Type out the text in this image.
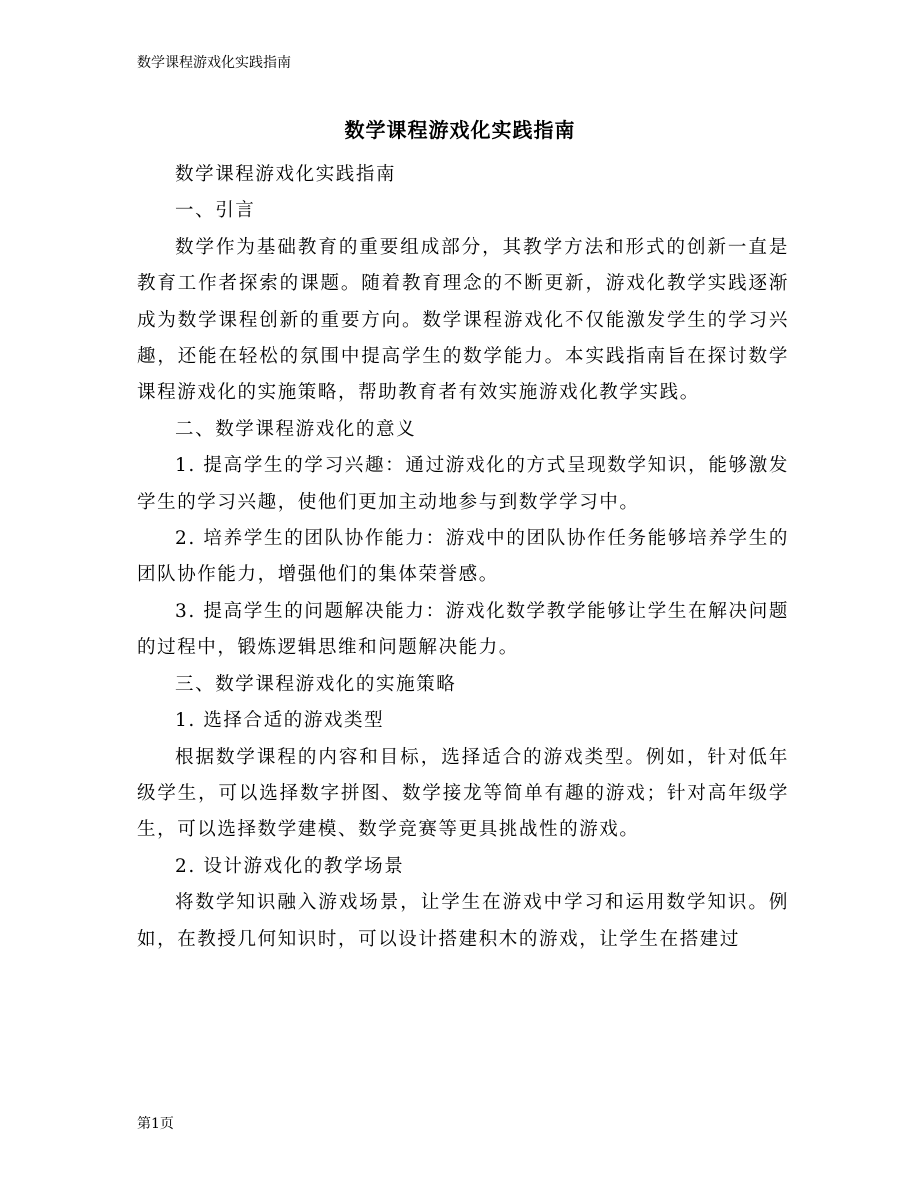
数学课程游戏化实践指南
数学课程游戏化实践指南

数学课程游戏化实践指南

一、引言

数学作为基础教育的重要组成部分，其教学方法和形式的创新一直是教育工作者探索的课题。随着教育理念的不断更新，游戏化教学实践逐渐成为数学课程创新的重要方向。数学课程游戏化不仅能激发学生的学习兴趣，还能在轻松的氛围中提高学生的数学能力。本实践指南旨在探讨数学课程游戏化的实施策略，帮助教育者有效实施游戏化教学实践。

二、数学课程游戏化的意义

1. 提高学生的学习兴趣：通过游戏化的方式呈现数学知识，能够激发学生的学习兴趣，使他们更加主动地参与到数学学习中。

2. 培养学生的团队协作能力：游戏中的团队协作任务能够培养学生的团队协作能力，增强他们的集体荣誉感。

3. 提高学生的问题解决能力：游戏化数学教学能够让学生在解决问题的过程中，锻炼逻辑思维和问题解决能力。

三、数学课程游戏化的实施策略

1. 选择合适的游戏类型

根据数学课程的内容和目标，选择适合的游戏类型。例如，针对低年级学生，可以选择数字拼图、数学接龙等简单有趣的游戏；针对高年级学生，可以选择数学建模、数学竞赛等更具挑战性的游戏。

2. 设计游戏化的教学场景

将数学知识融入游戏场景，让学生在游戏中学习和运用数学知识。例如，在教授几何知识时，可以设计搭建积木的游戏，让学生在搭建过

第1页
